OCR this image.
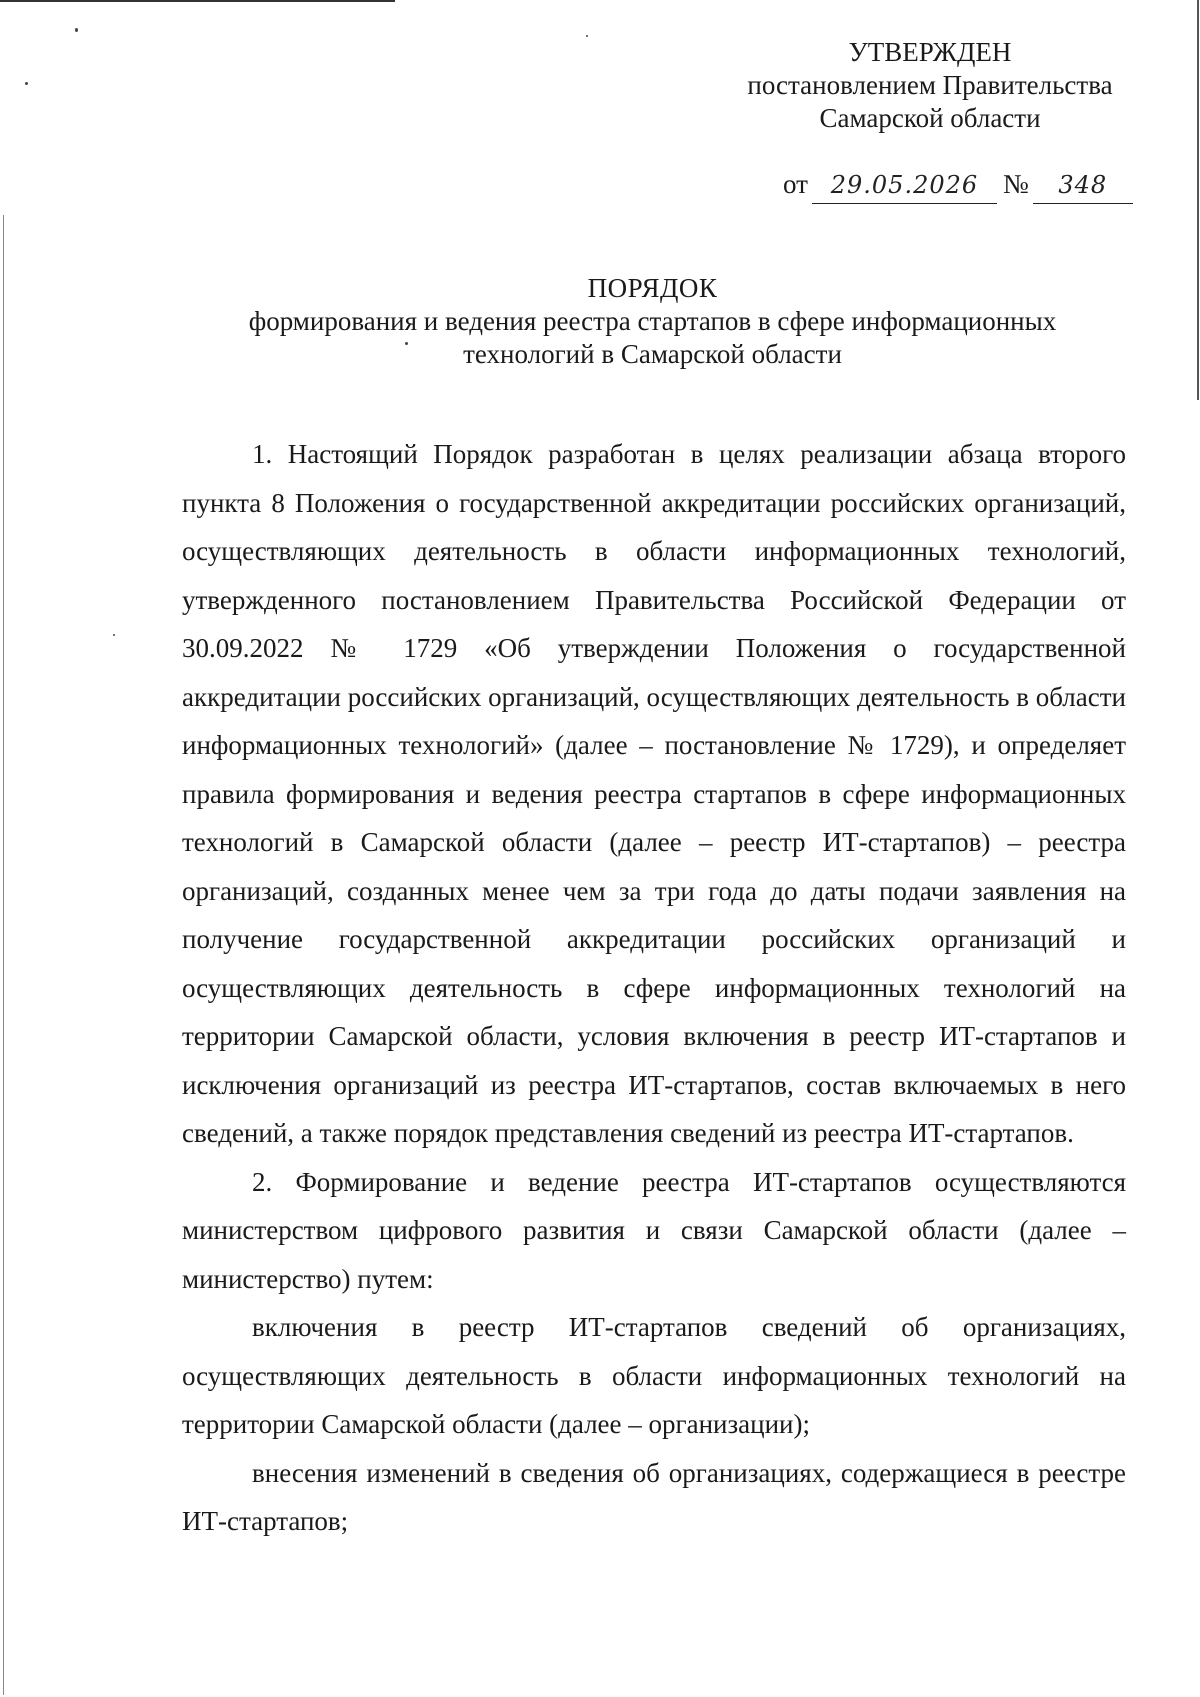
УТВЕРЖДЕН
постановлением Правительства
Самарской области
от 29.05.2026 № 348
ПОРЯДОК
формирования и ведения реестра стартапов в сфере информационных
технологий в Самарской области

1. Настоящий Порядок разработан в целях реализации абзаца второго пункта 8 Положения о государственной аккредитации российских организаций, осуществляющих деятельность в области информационных технологий, утвержденного постановлением Правительства Российской Федерации от 30.09.2022 № 1729 «Об утверждении Положения о государственной аккредитации российских организаций, осуществляющих деятельность в области информационных технологий» (далее – постановление № 1729), и определяет правила формирования и ведения реестра стартапов в сфере информационных технологий в Самарской области (далее – реестр ИТ-стартапов) – реестра организаций, созданных менее чем за три года до даты подачи заявления на получение государственной аккредитации российских организаций и осуществляющих деятельность в сфере информационных технологий на территории Самарской области, условия включения в реестр ИТ-стартапов и исключения организаций из реестра ИТ-стартапов, состав включаемых в него сведений, а также порядок представления сведений из реестра ИТ-стартапов.

2. Формирование и ведение реестра ИТ-стартапов осуществляются министерством цифрового развития и связи Самарской области (далее – министерство) путем:

включения в реестр ИТ-стартапов сведений об организациях, осуществляющих деятельность в области информационных технологий на территории Самарской области (далее – организации);

внесения изменений в сведения об организациях, содержащиеся в реестре ИТ-стартапов;
